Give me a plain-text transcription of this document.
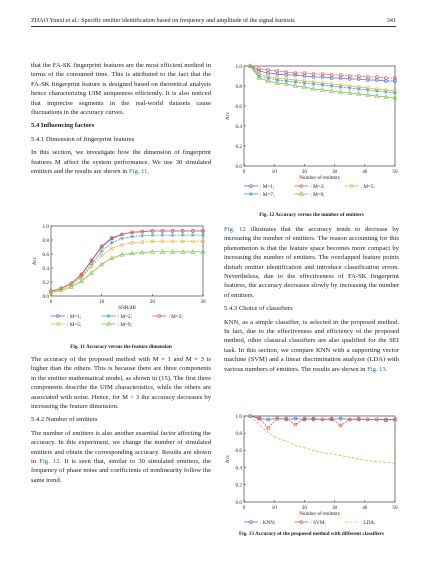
ZHAO Yunxi et al.: Specific emitter identification based on frequency and amplitude of the signal kurtosis	341

that the FA-SK fingerprint features are the most efficient method in terms of the consumed time. This is attributed to the fact that the FA-SK fingerprint feature is designed based on theoretical analysis hence characterizing UIM uniqueness efficiently. It is also noticed that imprecise segments in the real-world datasets cause fluctuations in the accuracy curves.

5.4 Influencing factors

5.4.1 Dimension of fingerprint features

In this section, we investigate how the dimension of fingerprint features M affect the system performance. We use 30 simulated emitters and the results are shown in Fig. 11.

0.0
0.2
0.4
0.6
0.8
1.0
0	10	20	30
SNR/dB
Acc
: M=1;	: M=2;	: M=3;
: M=5;	: M=9;
Fig. 11 Accuracy versus the feature dimension

The accuracy of the proposed method with M = 1 and M = 3 is higher than the others. This is because there are three components in the emitter mathematical model, as shown in (15). The first three components describe the UIM characteristics, while the others are associated with noise. Hence, for M > 3 the accuracy decreases by increasing the feature dimension.

5.4.2 Number of emitters

The number of emitters is also another essential factor affecting the accuracy. In this experiment, we change the number of simulated emitters and obtain the corresponding accuracy. Results are shown in Fig. 12. It is seen that, similar to 30 simulated emitters, the frequency of phase noise and coefficients of nonlinearity follow the same trend.

0.0
0.2
0.4
0.6
0.8
1.0
0	10	20	30	40	50
Number of emitters
Acc
: M=1;	: M=3;	: M=5;
: M=7;	: M=9;
Fig. 12 Accuracy versus the number of emitters

Fig. 12 illustrates that the accuracy tends to decrease by increasing the number of emitters. The reason accounting for this phenomenon is that the feature space becomes more compact by increasing the number of emitters. The overlapped feature points disturb emitter identification and introduce classification errors. Nevertheless, due to the effectiveness of FA-SK fingerprint features, the accuracy decreases slowly by increasing the number of emitters.

5.4.3 Choice of classifiers

KNN, as a simple classifier, is selected in the proposed method. In fact, due to the effectiveness and efficiency of the proposed method, other classical classifiers are also qualified for the SEI task. In this section, we compare KNN with a supporting vector machine (SVM) and a linear discrimination analyzer (LDA) with various numbers of emitters. The results are shown in Fig. 13.

0.0
0.2
0.4
0.6
0.8
1.0
0	10	20	30	40	50
Number of emitters
Acc
: KNN;	: SVM;	: LDA;
Fig. 13 Accuracy of the proposed method with different classifiers
